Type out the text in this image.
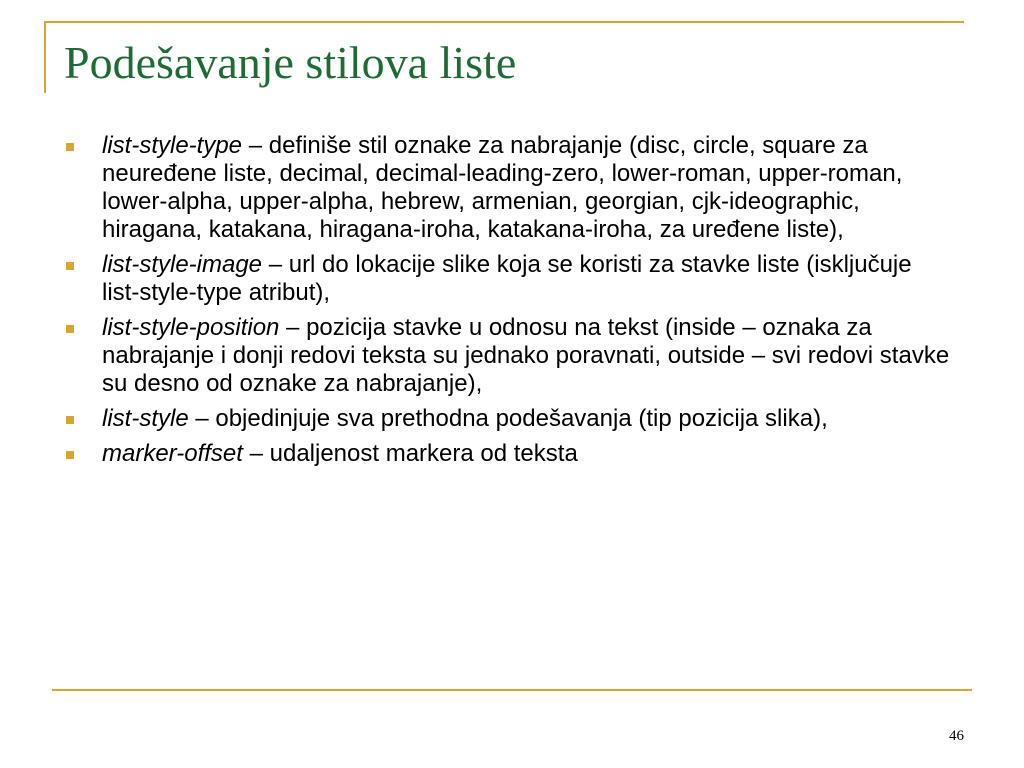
Podešavanje stilova liste
list-style-type – definiše stil oznake za nabrajanje (disc, circle, square za neuređene liste, decimal, decimal-leading-zero, lower-roman, upper-roman, lower-alpha, upper-alpha, hebrew, armenian, georgian, cjk-ideographic, hiragana, katakana, hiragana-iroha, katakana-iroha, za uređene liste),
list-style-image – url do lokacije slike koja se koristi za stavke liste (isključuje list-style-type atribut),
list-style-position – pozicija stavke u odnosu na tekst (inside – oznaka za nabrajanje i donji redovi teksta su jednako poravnati, outside – svi redovi stavke su desno od oznake za nabrajanje),
list-style – objedinjuje sva prethodna podešavanja (tip pozicija slika),
marker-offset – udaljenost markera od teksta
46
